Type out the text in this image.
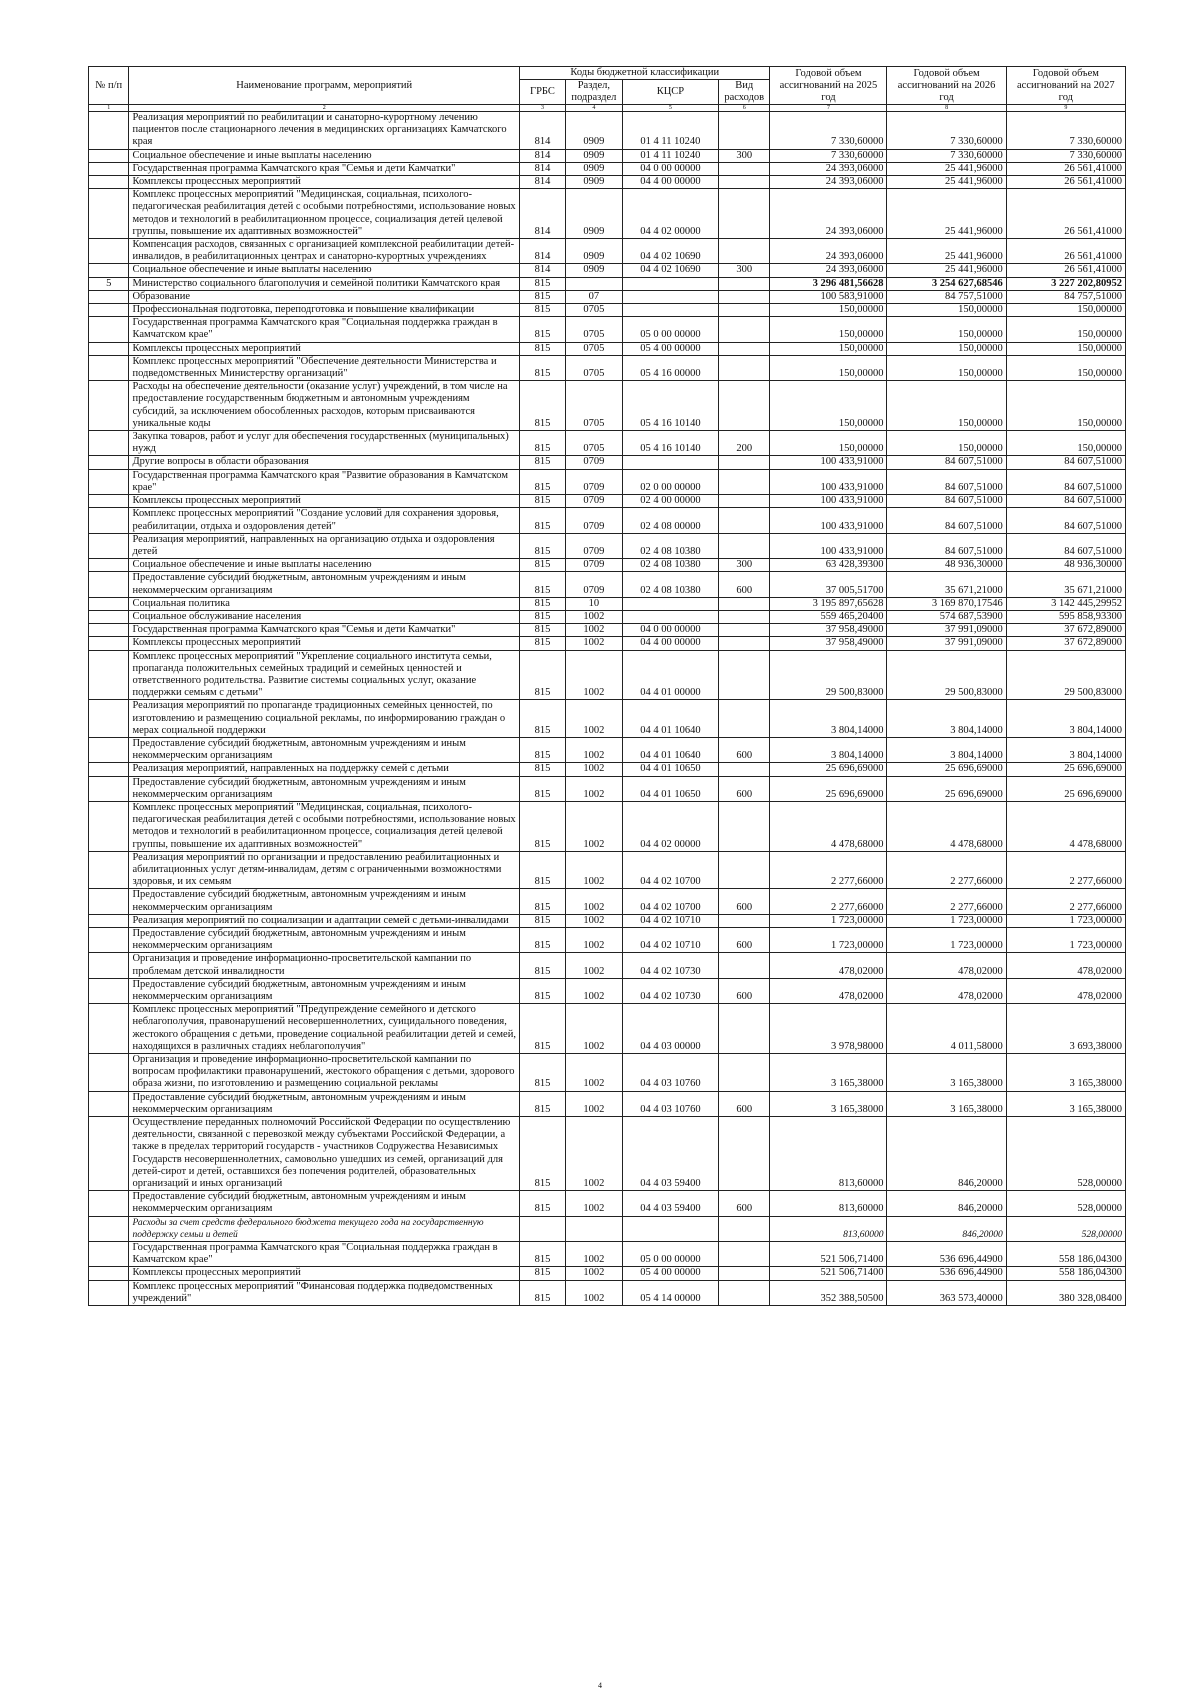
№ п/п	Наименование программ, мероприятий	Коды бюджетной классификации				Годовой объем ассигнований на 2025 год	Годовой объем ассигнований на 2026 год	Годовой объем ассигнований на 2027 год
		ГРБС	Раздел, подраздел	КЦСР	Вид расходов			
1	2	3	4	5	6	7	8	9
	Реализация мероприятий по реабилитации и санаторно-курортному лечению пациентов после стационарного лечения в медицинских организациях Камчатского края	814	0909	01 4 11 10240		7 330,60000	7 330,60000	7 330,60000
	Социальное обеспечение и иные выплаты населению	814	0909	01 4 11 10240	300	7 330,60000	7 330,60000	7 330,60000
	Государственная программа Камчатского края "Семья и дети Камчатки"	814	0909	04 0 00 00000		24 393,06000	25 441,96000	26 561,41000
	Комплексы процессных мероприятий	814	0909	04 4 00 00000		24 393,06000	25 441,96000	26 561,41000
	Комплекс процессных мероприятий "Медицинская, социальная, психолого-педагогическая реабилитация детей с особыми потребностями, использование новых методов и технологий в реабилитационном процессе, социализация детей целевой группы, повышение их адаптивных возможностей"	814	0909	04 4 02 00000		24 393,06000	25 441,96000	26 561,41000
	Компенсация расходов, связанных с организацией комплексной реабилитации детей-инвалидов, в реабилитационных центрах и санаторно-курортных учреждениях	814	0909	04 4 02 10690		24 393,06000	25 441,96000	26 561,41000
	Социальное обеспечение и иные выплаты населению	814	0909	04 4 02 10690	300	24 393,06000	25 441,96000	26 561,41000
5	Министерство социального благополучия и семейной политики Камчатского края	815				3 296 481,56628	3 254 627,68546	3 227 202,80952
	Образование	815	07			100 583,91000	84 757,51000	84 757,51000
	Профессиональная подготовка, переподготовка и повышение квалификации	815	0705			150,00000	150,00000	150,00000
	Государственная программа Камчатского края "Социальная поддержка граждан в Камчатском крае"	815	0705	05 0 00 00000		150,00000	150,00000	150,00000
	Комплексы процессных мероприятий	815	0705	05 4 00 00000		150,00000	150,00000	150,00000
	Комплекс процессных мероприятий "Обеспечение деятельности Министерства и подведомственных Министерству организаций"	815	0705	05 4 16 00000		150,00000	150,00000	150,00000
	Расходы на обеспечение деятельности (оказание услуг) учреждений, в том числе на предоставление государственным бюджетным и автономным учреждениям субсидий, за исключением обособленных расходов, которым присваиваются уникальные коды	815	0705	05 4 16 10140		150,00000	150,00000	150,00000
	Закупка товаров, работ и услуг для обеспечения государственных (муниципальных) нужд	815	0705	05 4 16 10140	200	150,00000	150,00000	150,00000
	Другие вопросы в области образования	815	0709			100 433,91000	84 607,51000	84 607,51000
	Государственная программа Камчатского края "Развитие образования в Камчатском крае"	815	0709	02 0 00 00000		100 433,91000	84 607,51000	84 607,51000
	Комплексы процессных мероприятий	815	0709	02 4 00 00000		100 433,91000	84 607,51000	84 607,51000
	Комплекс процессных мероприятий "Создание условий для сохранения здоровья, реабилитации, отдыха и оздоровления детей"	815	0709	02 4 08 00000		100 433,91000	84 607,51000	84 607,51000
	Реализация мероприятий, направленных на организацию отдыха и оздоровления детей	815	0709	02 4 08 10380		100 433,91000	84 607,51000	84 607,51000
	Социальное обеспечение и иные выплаты населению	815	0709	02 4 08 10380	300	63 428,39300	48 936,30000	48 936,30000
	Предоставление субсидий бюджетным, автономным учреждениям и иным некоммерческим организациям	815	0709	02 4 08 10380	600	37 005,51700	35 671,21000	35 671,21000
	Социальная политика	815	10			3 195 897,65628	3 169 870,17546	3 142 445,29952
	Социальное обслуживание населения	815	1002			559 465,20400	574 687,53900	595 858,93300
	Государственная программа Камчатского края "Семья и дети Камчатки"	815	1002	04 0 00 00000		37 958,49000	37 991,09000	37 672,89000
	Комплексы процессных мероприятий	815	1002	04 4 00 00000		37 958,49000	37 991,09000	37 672,89000
	Комплекс процессных мероприятий "Укрепление социального института семьи, пропаганда положительных семейных традиций и семейных ценностей и ответственного родительства. Развитие системы социальных услуг, оказание поддержки семьям с детьми"	815	1002	04 4 01 00000		29 500,83000	29 500,83000	29 500,83000
	Реализация мероприятий по пропаганде традиционных семейных ценностей, по изготовлению и размещению социальной рекламы, по информированию граждан о мерах социальной поддержки	815	1002	04 4 01 10640		3 804,14000	3 804,14000	3 804,14000
	Предоставление субсидий бюджетным, автономным учреждениям и иным некоммерческим организациям	815	1002	04 4 01 10640	600	3 804,14000	3 804,14000	3 804,14000
	Реализация мероприятий, направленных на поддержку семей с детьми	815	1002	04 4 01 10650		25 696,69000	25 696,69000	25 696,69000
	Предоставление субсидий бюджетным, автономным учреждениям и иным некоммерческим организациям	815	1002	04 4 01 10650	600	25 696,69000	25 696,69000	25 696,69000
	Комплекс процессных мероприятий "Медицинская, социальная, психолого-педагогическая реабилитация детей с особыми потребностями, использование новых методов и технологий в реабилитационном процессе, социализация детей целевой группы, повышение их адаптивных возможностей"	815	1002	04 4 02 00000		4 478,68000	4 478,68000	4 478,68000
	Реализация мероприятий по организации и предоставлению реабилитационных и абилитационных услуг детям-инвалидам, детям с ограниченными возможностями здоровья, и их семьям	815	1002	04 4 02 10700		2 277,66000	2 277,66000	2 277,66000
	Предоставление субсидий бюджетным, автономным учреждениям и иным некоммерческим организациям	815	1002	04 4 02 10700	600	2 277,66000	2 277,66000	2 277,66000
	Реализация мероприятий по социализации и адаптации семей с детьми-инвалидами	815	1002	04 4 02 10710		1 723,00000	1 723,00000	1 723,00000
	Предоставление субсидий бюджетным, автономным учреждениям и иным некоммерческим организациям	815	1002	04 4 02 10710	600	1 723,00000	1 723,00000	1 723,00000
	Организация и проведение информационно-просветительской кампании по проблемам детской инвалидности	815	1002	04 4 02 10730		478,02000	478,02000	478,02000
	Предоставление субсидий бюджетным, автономным учреждениям и иным некоммерческим организациям	815	1002	04 4 02 10730	600	478,02000	478,02000	478,02000
	Комплекс процессных мероприятий "Предупреждение семейного и детского неблагополучия, правонарушений несовершеннолетних, суицидального поведения, жестокого обращения с детьми, проведение социальной реабилитации детей и семей, находящихся в различных стадиях неблагополучия"	815	1002	04 4 03 00000		3 978,98000	4 011,58000	3 693,38000
	Организация и проведение информационно-просветительской кампании по вопросам профилактики правонарушений, жестокого обращения с детьми, здорового образа жизни, по изготовлению и размещению социальной рекламы	815	1002	04 4 03 10760		3 165,38000	3 165,38000	3 165,38000
	Предоставление субсидий бюджетным, автономным учреждениям и иным некоммерческим организациям	815	1002	04 4 03 10760	600	3 165,38000	3 165,38000	3 165,38000
	Осуществление переданных полномочий Российской Федерации по осуществлению деятельности, связанной с перевозкой между субъектами Российской Федерации, а также в пределах территорий государств - участников Содружества Независимых Государств несовершеннолетних, самовольно ушедших из семей, организаций для детей-сирот и детей, оставшихся без попечения родителей, образовательных организаций и иных организаций	815	1002	04 4 03 59400		813,60000	846,20000	528,00000
	Предоставление субсидий бюджетным, автономным учреждениям и иным некоммерческим организациям	815	1002	04 4 03 59400	600	813,60000	846,20000	528,00000
	Расходы за счет средств федерального бюджета текущего года на государственную поддержку семьи и детей					813,60000	846,20000	528,00000
	Государственная программа Камчатского края "Социальная поддержка граждан в Камчатском крае"	815	1002	05 0 00 00000		521 506,71400	536 696,44900	558 186,04300
	Комплексы процессных мероприятий	815	1002	05 4 00 00000		521 506,71400	536 696,44900	558 186,04300
	Комплекс процессных мероприятий "Финансовая поддержка подведомственных учреждений"	815	1002	05 4 14 00000		352 388,50500	363 573,40000	380 328,08400
4
